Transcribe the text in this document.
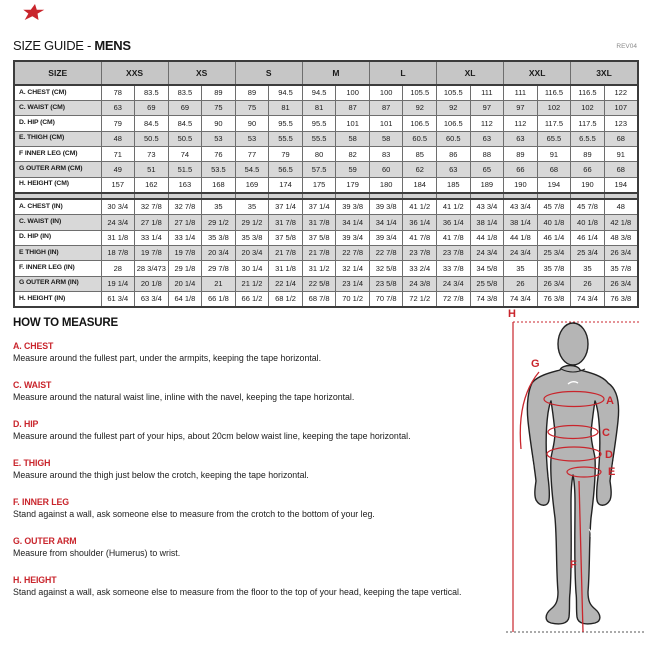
SIZE GUIDE - MENS	REV04
SIZE	XXS		XS		S		M		L		XL		XXL		3XL	
A. CHEST (CM)	78	83.5	83.5	89	89	94.5	94.5	100	100	105.5	105.5	111	111	116.5	116.5	122
C. WAIST (CM)	63	69	69	75	75	81	81	87	87	92	92	97	97	102	102	107
D. HIP (CM)	79	84.5	84.5	90	90	95.5	95.5	101	101	106.5	106.5	112	112	117.5	117.5	123
E. THIGH (CM)	48	50.5	50.5	53	53	55.5	55.5	58	58	60.5	60.5	63	63	65.5	6.5.5	68
F INNER LEG (CM)	71	73	74	76	77	79	80	82	83	85	86	88	89	91	89	91
G OUTER ARM (CM)	49	51	51.5	53.5	54.5	56.5	57.5	59	60	62	63	65	66	68	66	68
H. HEIGHT (CM)	157	162	163	168	169	174	175	179	180	184	185	189	190	194	190	194

A. CHEST (IN)	30 3/4	32 7/8	32 7/8	35	35	37 1/4	37 1/4	39 3/8	39 3/8	41 1/2	41 1/2	43 3/4	43 3/4	45 7/8	45 7/8	48
C. WAIST (IN)	24 3/4	27 1/8	27 1/8	29 1/2	29 1/2	31 7/8	31 7/8	34 1/4	34 1/4	36 1/4	36 1/4	38 1/4	38 1/4	40 1/8	40 1/8	42 1/8
D. HIP (IN)	31 1/8	33 1/4	33 1/4	35 3/8	35 3/8	37 5/8	37 5/8	39 3/4	39 3/4	41 7/8	41 7/8	44 1/8	44 1/8	46 1/4	46 1/4	48 3/8
E THIGH (IN)	18 7/8	19 7/8	19 7/8	20 3/4	20 3/4	21 7/8	21 7/8	22 7/8	22 7/8	23 7/8	23 7/8	24 3/4	24 3/4	25 3/4	25 3/4	26 3/4
F. INNER LEG (IN)	28	28 3/473	29 1/8	29 7/8	30 1/4	31 1/8	31 1/2	32 1/4	32 5/8	33 2/4	33 7/8	34 5/8	35	35 7/8	35	35 7/8
G OUTER ARM (IN)	19 1/4	20 1/8	20 1/4	21	21 1/2	22 1/4	22 5/8	23 1/4	23 5/8	24 3/8	24 3/4	25 5/8	26	26 3/4	26	26 3/4
H. HEIGHT (IN)	61 3/4	63 3/4	64 1/8	66 1/8	66 1/2	68 1/2	68 7/8	70 1/2	70 7/8	72 1/2	72 7/8	74 3/8	74 3/4	76 3/8	74 3/4	76 3/8

HOW TO MEASURE

A. CHEST

Measure around the fullest part, under the armpits, keeping the tape horizontal.

C. WAIST

Measure around the natural waist line, inline with the navel, keeping the tape horizontal.

D. HIP

Measure around the fullest part of your hips, about 20cm below waist line, keeping the tape horizontal.

E. THIGH

Measure around the thigh just below the crotch, keeping the tape horizontal.

F. INNER LEG

Stand against a wall, ask someone else to measure from the crotch to the bottom of your leg.

G. OUTER ARM

Measure from shoulder (Humerus) to wrist.

H. HEIGHT

Stand against a wall, ask someone else to measure from the floor to the top of your head, keeping the tape vertical.

H
G
A
C
D
E
F
